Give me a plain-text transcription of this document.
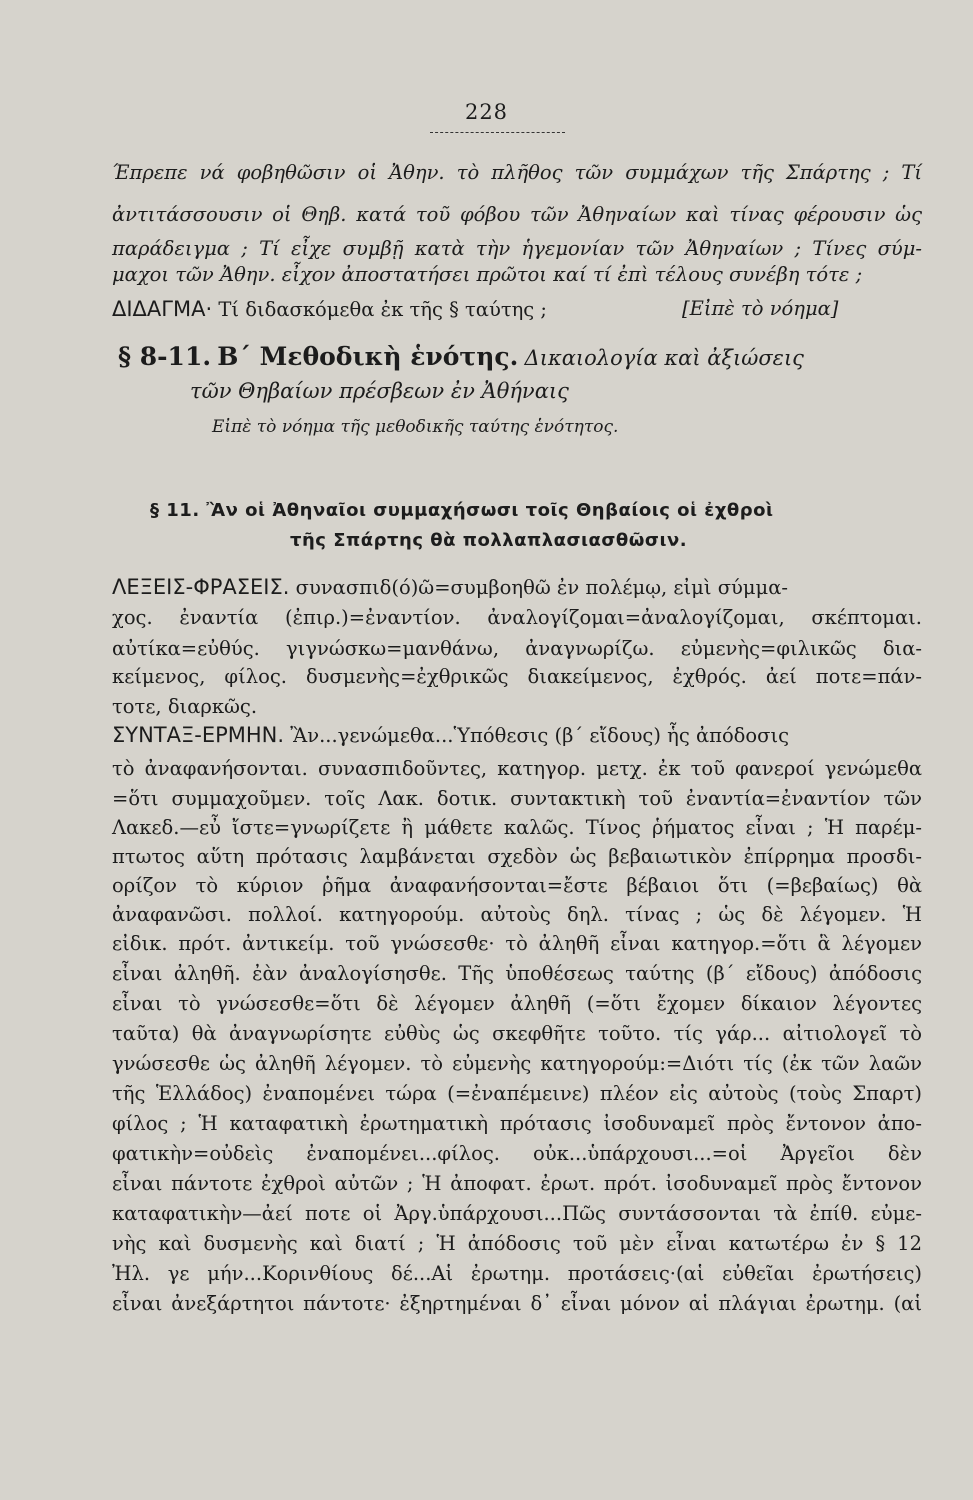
228
Έπρεπε νά φοβηθῶσιν οἱ Ἀθην. τὸ πλῆθος τῶν συμμάχων τῆς Σπάρτης ; Τί
ἀντιτάσσουσιν οἱ Θηβ. κατά τοῦ φόβου τῶν Ἀθηναίων καὶ τίνας φέρουσιν ὡς
παράδειγμα ; Τί εἶχε συμβῇ κατὰ τὴν ἡγεμονίαν τῶν Ἀθηναίων ; Τίνες σύμ-
μαχοι τῶν Ἀθην. εἶχον ἀποστατήσει πρῶτοι καί τί ἐπὶ τέλους συνέβη τότε ;
ΔΙΔΑΓΜΑ· Τί διδασκόμεθα ἐκ τῆς § ταύτης ;	[Εἰπὲ τὸ νόημα]
§ 8-11. Β΄ Μεθοδικὴ ἑνότης. Δικαιολογία καὶ ἀξιώσεις
τῶν Θηβαίων πρέσβεων ἐν Ἀθήναις
Εἰπὲ τὸ νόημα τῆς μεθοδικῆς ταύτης ἑνότητος.
§ 11. Ἂν οἱ Ἀθηναῖοι συμμαχήσωσι τοῖς Θηβαίοις οἱ ἐχθροὶ
τῆς Σπάρτης θὰ πολλαπλασιασθῶσιν.
ΛΕΞΕΙΣ-ΦΡΑΣΕΙΣ. συνασπιδ(ό)ῶ=συμβοηθῶ ἐν πολέμῳ, εἰμὶ σύμμα-
χος. ἐναντία (ἐπιρ.)=ἐναντίον. ἀναλογίζομαι=ἀναλογίζομαι, σκέπτομαι.
αὐτίκα=εὐθύς. γιγνώσκω=μανθάνω, ἀναγνωρίζω. εὐμενὴς=φιλικῶς δια-
κείμενος, φίλος. δυσμενὴς=ἐχθρικῶς διακείμενος, ἐχθρός. ἀεί ποτε=πάν-
τοτε, διαρκῶς.
ΣΥΝΤΑΞ-ΕΡΜΗΝ. Ἂν...γενώμεθα...Ὑπόθεσις (β΄ εἴδους) ἧς ἀπόδοσις
τὸ ἀναφανήσονται. συνασπιδοῦντες, κατηγορ. μετχ. ἐκ τοῦ φανεροί γενώμεθα
=ὅτι συμμαχοῦμεν. τοῖς Λακ. δοτικ. συντακτικὴ τοῦ ἐναντία=ἐναντίον τῶν
Λακεδ.—εὖ ἴστε=γνωρίζετε ἢ μάθετε καλῶς. Τίνος ῥήματος εἶναι ; Ἡ παρέμ-
πτωτος αὕτη πρότασις λαμβάνεται σχεδὸν ὡς βεβαιωτικὸν ἐπίρρημα προσδι-
ορίζον τὸ κύριον ῥῆμα ἀναφανήσονται=ἔστε βέβαιοι ὅτι (=βεβαίως) θὰ
ἀναφανῶσι. πολλοί. κατηγορούμ. αὐτοὺς δηλ. τίνας ; ὡς δὲ λέγομεν. Ἡ
εἰδικ. πρότ. ἀντικείμ. τοῦ γνώσεσθε· τὸ ἀληθῆ εἶναι κατηγορ.=ὅτι ἃ λέγομεν
εἶναι ἀληθῆ. ἐὰν ἀναλογίσησθε. Τῆς ὑποθέσεως ταύτης (β΄ εἴδους) ἀπόδοσις
εἶναι τὸ γνώσεσθε=ὅτι δὲ λέγομεν ἀληθῆ (=ὅτι ἔχομεν δίκαιον λέγοντες
ταῦτα) θὰ ἀναγνωρίσητε εὐθὺς ὡς σκεφθῆτε τοῦτο. τίς γάρ... αἰτιολογεῖ τὸ
γνώσεσθε ὡς ἀληθῆ λέγομεν. τὸ εὐμενὴς κατηγορούμ:=Διότι τίς (ἐκ τῶν λαῶν
τῆς Ἑλλάδος) ἐναπομένει τώρα (=ἐναπέμεινε) πλέον εἰς αὐτοὺς (τοὺς Σπαρτ)
φίλος ; Ἡ καταφατικὴ ἐρωτηματικὴ πρότασις ἰσοδυναμεῖ πρὸς ἔντονον ἀπο-
φατικὴν=οὐδεὶς ἐναπομένει...φίλος. οὐκ...ὑπάρχουσι...=οἱ Ἀργεῖοι δὲν
εἶναι πάντοτε ἐχθροὶ αὐτῶν ; Ἡ ἀποφατ. ἐρωτ. πρότ. ἰσοδυναμεῖ πρὸς ἔντονον
καταφατικὴν—ἀεί ποτε οἱ Ἀργ.ὑπάρχουσι...Πῶς συντάσσονται τὰ ἐπίθ. εὐμε-
νὴς καὶ δυσμενὴς καὶ διατί ; Ἡ ἀπόδοσις τοῦ μὲν εἶναι κατωτέρω ἐν § 12
Ἠλ. γε μήν...Κορινθίους δέ...Αἱ ἐρωτημ. προτάσεις·(αἱ εὐθεῖαι ἐρωτήσεις)
εἶναι ἀνεξάρτητοι πάντοτε· ἐξηρτημέναι δ᾽ εἶναι μόνον αἱ πλάγιαι ἐρωτημ. (αἱ
